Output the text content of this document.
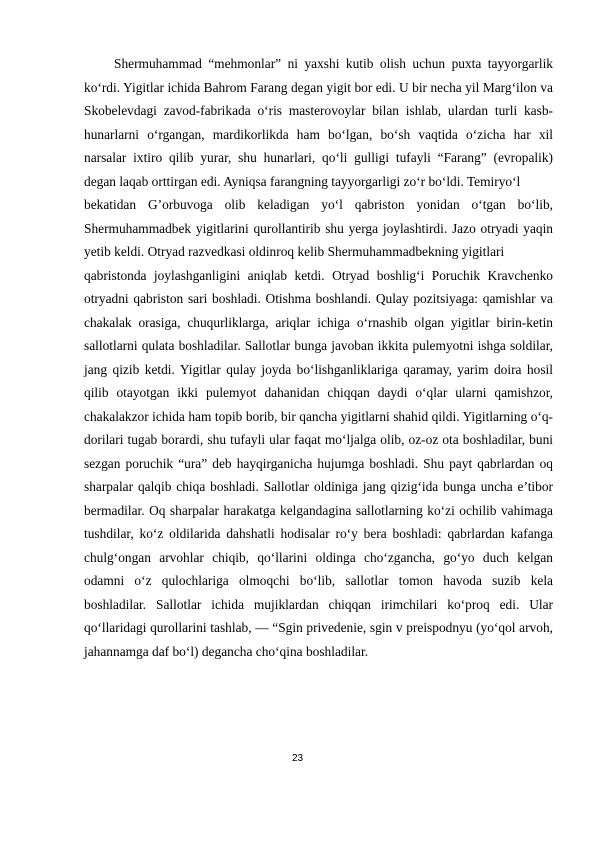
Shermuhammad “mehmonlar” ni yaxshi kutib olish uchun puxta tayyorgarlik ko‘rdi. Yigitlar ichida Bahrom Farang degan yigit bor edi. U bir necha yil Marg‘ilon va Skobelevdagi zavod-fabrikada o‘ris masterovoylar bilan ishlab, ulardan turli kasb-hunarlarni o‘rgangan, mardikorlikda ham bo‘lgan, bo‘sh vaqtida o‘zicha har xil narsalar ixtiro qilib yurar, shu hunarlari, qo‘li gulligi tufayli “Farang” (evropalik) degan laqab orttirgan edi. Ayniqsa farangning tayyorgarligi zo‘r bo‘ldi. Temiryo‘l

bekatidan G’orbuvoga olib keladigan yo‘l qabriston yonidan o‘tgan bo‘lib, Shermuhammadbek yigitlarini qurollantirib shu yerga joylashtirdi. Jazo otryadi yaqin yetib keldi. Otryad razvedkasi oldinroq kelib Shermuhammadbekning yigitlari

qabristonda joylashganligini aniqlab ketdi. Otryad boshlig‘i Poruchik Kravchenko otryadni qabriston sari boshladi. Otishma boshlandi. Qulay pozitsiyaga: qamishlar va chakalak orasiga, chuqurliklarga, ariqlar ichiga o‘rnashib olgan yigitlar birin-ketin sallotlarni qulata boshladilar. Sallotlar bunga javoban ikkita pulemyotni ishga soldilar, jang qizib ketdi. Yigitlar qulay joyda bo‘lishganliklariga qaramay, yarim doira hosil qilib otayotgan ikki pulemyot dahanidan chiqqan daydi o‘qlar ularni qamishzor, chakalakzor ichida ham topib borib, bir qancha yigitlarni shahid qildi. Yigitlarning o‘q-dorilari tugab borardi, shu tufayli ular faqat mo‘ljalga olib, oz-oz ota boshladilar, buni sezgan poruchik “ura” deb hayqirganicha hujumga boshladi. Shu payt qabrlardan oq sharpalar qalqib chiqa boshladi. Sallotlar oldiniga jang qizig‘ida bunga uncha e’tibor bermadilar. Oq sharpalar harakatga kelgandagina sallotlarning ko‘zi ochilib vahimaga tushdilar, ko‘z oldilarida dahshatli hodisalar ro‘y bera boshladi: qabrlardan kafanga chulg‘ongan arvohlar chiqib, qo‘llarini oldinga cho‘zgancha, go‘yo duch kelgan odamni o‘z qulochlariga olmoqchi bo‘lib, sallotlar tomon havoda suzib kela boshladilar. Sallotlar ichida mujiklardan chiqqan irimchilari ko‘proq edi. Ular qo‘llaridagi qurollarini tashlab, — “Sgin privedenie, sgin v preispodnyu (yo‘qol arvoh, jahannamga daf bo‘l) degancha cho‘qina boshladilar.

23
